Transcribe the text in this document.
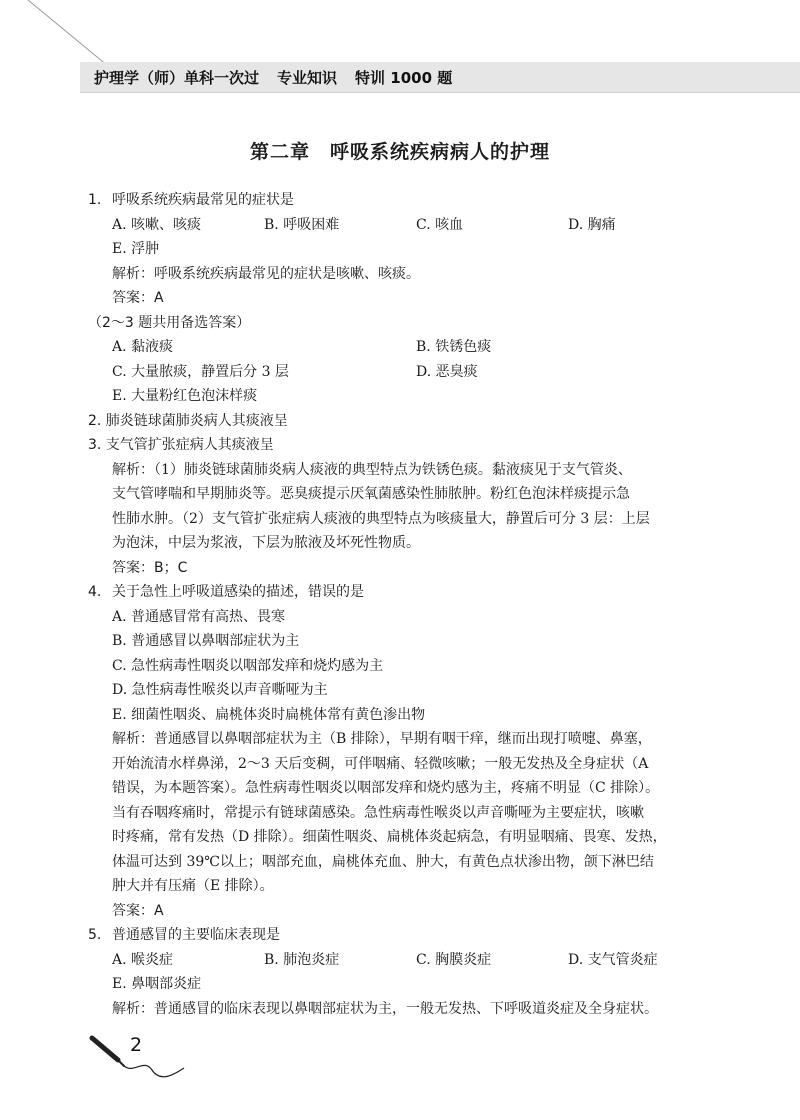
护理学（师）单科一次过 专业知识 特训 1000 题
第二章　呼吸系统疾病病人的护理
1. 呼吸系统疾病最常见的症状是
A. 咳嗽、咳痰	B. 呼吸困难	C. 咳血	D. 胸痛
E. 浮肿
解析：呼吸系统疾病最常见的症状是咳嗽、咳痰。
答案：A
（2～3 题共用备选答案）
A. 黏液痰	B. 铁锈色痰
C. 大量脓痰，静置后分 3 层	D. 恶臭痰
E. 大量粉红色泡沫样痰
2. 肺炎链球菌肺炎病人其痰液呈
3. 支气管扩张症病人其痰液呈
解析：（1）肺炎链球菌肺炎病人痰液的典型特点为铁锈色痰。黏液痰见于支气管炎、
支气管哮喘和早期肺炎等。恶臭痰提示厌氧菌感染性肺脓肿。粉红色泡沫样痰提示急
性肺水肿。（2）支气管扩张症病人痰液的典型特点为咳痰量大，静置后可分 3 层：上层
为泡沫，中层为浆液，下层为脓液及坏死性物质。
答案：B；C
4. 关于急性上呼吸道感染的描述，错误的是
A. 普通感冒常有高热、畏寒
B. 普通感冒以鼻咽部症状为主
C. 急性病毒性咽炎以咽部发痒和烧灼感为主
D. 急性病毒性喉炎以声音嘶哑为主
E. 细菌性咽炎、扁桃体炎时扁桃体常有黄色渗出物
解析：普通感冒以鼻咽部症状为主（B 排除），早期有咽干痒，继而出现打喷嚏、鼻塞，
开始流清水样鼻涕，2～3 天后变稠，可伴咽痛、轻微咳嗽；一般无发热及全身症状（A
错误，为本题答案）。急性病毒性咽炎以咽部发痒和烧灼感为主，疼痛不明显（C 排除）。
当有吞咽疼痛时，常提示有链球菌感染。急性病毒性喉炎以声音嘶哑为主要症状，咳嗽
时疼痛，常有发热（D 排除）。细菌性咽炎、扁桃体炎起病急，有明显咽痛、畏寒、发热，
体温可达到 39℃以上；咽部充血，扁桃体充血、肿大，有黄色点状渗出物，颌下淋巴结
肿大并有压痛（E 排除）。
答案：A
5. 普通感冒的主要临床表现是
A. 喉炎症	B. 肺泡炎症	C. 胸膜炎症	D. 支气管炎症
E. 鼻咽部炎症
解析：普通感冒的临床表现以鼻咽部症状为主，一般无发热、下呼吸道炎症及全身症状。
2
